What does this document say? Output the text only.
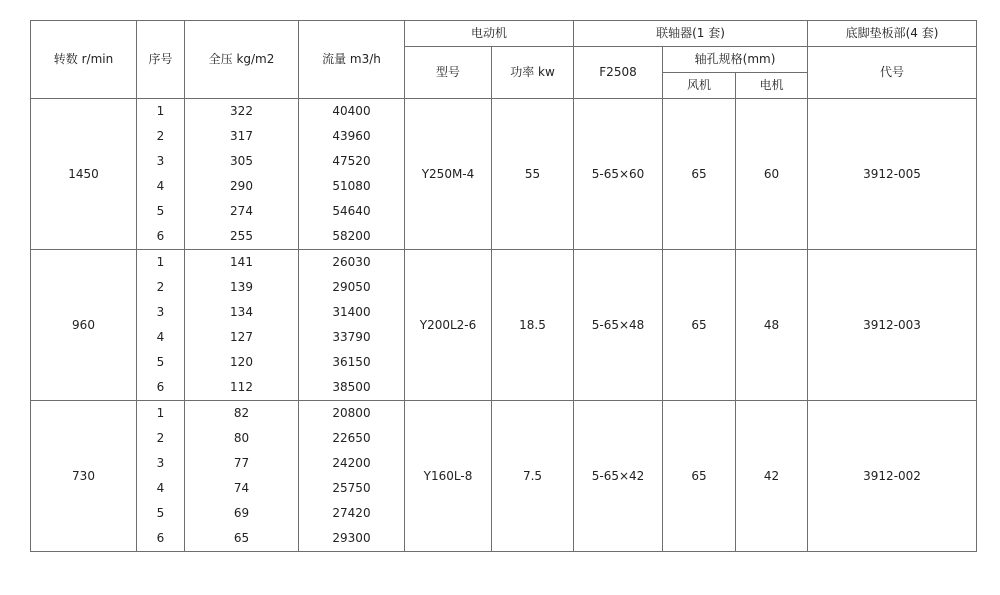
转数 r/min	序号	全压 kg/m2	流量 m3/h	电动机		联轴器(1 套)			底脚垫板部(4 套)
				型号	功率 kw	F2508	轴孔规格(mm)		代号
							风机	电机	
1450	1	322	40400	Y250M-4	55	5-65×60	65	60	3912-005
	2	317	43960						
	3	305	47520						
	4	290	51080						
	5	274	54640						
	6	255	58200						
960	1	141	26030	Y200L2-6	18.5	5-65×48	65	48	3912-003
	2	139	29050						
	3	134	31400						
	4	127	33790						
	5	120	36150						
	6	112	38500						
730	1	82	20800	Y160L-8	7.5	5-65×42	65	42	3912-002
	2	80	22650						
	3	77	24200						
	4	74	25750						
	5	69	27420						
	6	65	29300						
